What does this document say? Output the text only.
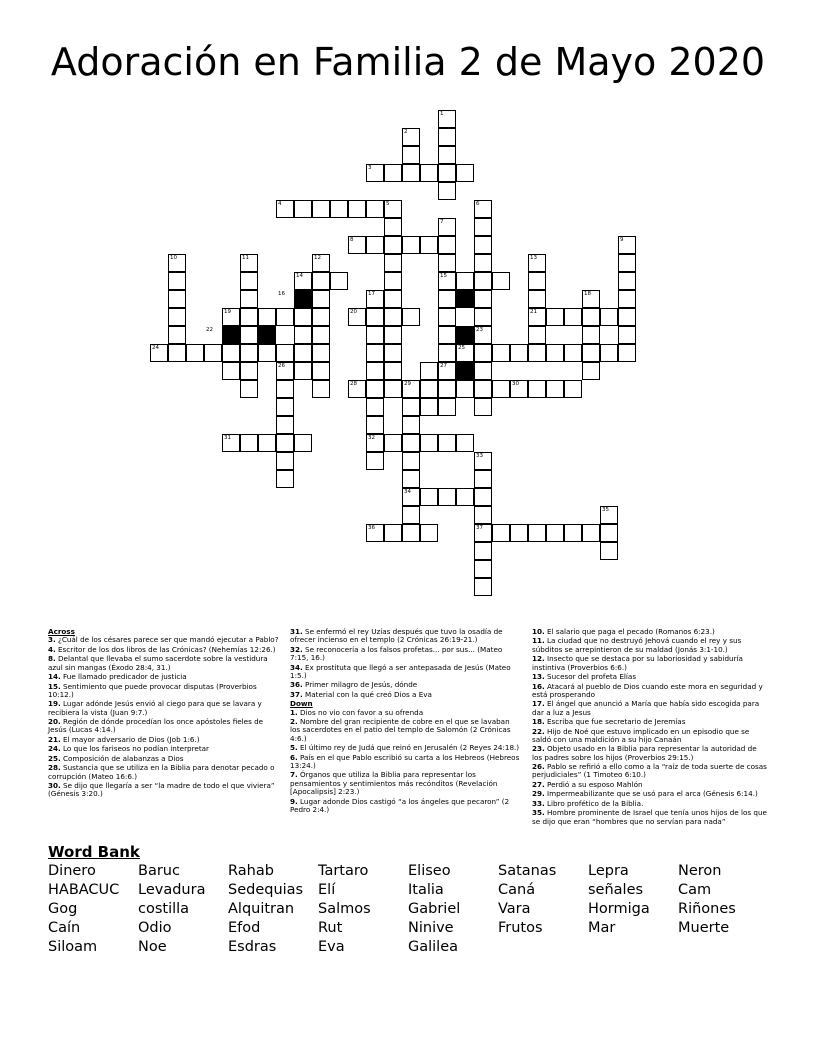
Adoración en Familia 2 de Mayo 2020
1
2
3
4	5	6
7
8	9
10	11	12	13
14	15
16	17	18
19	20	21
22	23
24	25
26	27
28	29	30
31	32
33
34
35
36	37
Across
3. ¿Cuál de los césares parece ser que mandó ejecutar a Pablo?
4. Escritor de los dos libros de las Crónicas? (Nehemías 12:26.)
8. Delantal que llevaba el sumo sacerdote sobre la vestidura azul sin mangas (Éxodo 28:4, 31.)
14. Fue llamado predicador de justicia
15. Sentimiento que puede provocar disputas (Proverbios 10:12.)
19. Lugar adónde Jesús envió al ciego para que se lavara y recibiera la vista (Juan 9:7.)
20. Región de dónde procedían los once apóstoles fieles de Jesús (Lucas 4:14.)
21. El mayor adversario de Dios (Job 1:6.)
24. Lo que los fariseos no podían interpretar
25. Composición de alabanzas a Dios
28. Sustancia que se utiliza en la Biblia para denotar pecado o corrupción (Mateo 16:6.)
30. Se dijo que llegaría a ser “la madre de todo el que viviera” (Génesis 3:20.)
31. Se enfermó el rey Uzías después que tuvo la osadía de ofrecer incienso en el templo (2 Crónicas 26:19-21.)
32. Se reconocería a los falsos profetas... por sus... (Mateo 7:15, 16.)
34. Ex prostituta que llegó a ser antepasada de Jesús (Mateo 1:5.)
36. Primer milagro de Jesús, dónde
37. Material con la qué creó Dios a Eva
Down
1. Dios no vio con favor a su ofrenda
2. Nombre del gran recipiente de cobre en el que se lavaban los sacerdotes en el patio del templo de Salomón (2 Crónicas 4:6.)
5. El último rey de Judá que reinó en Jerusalén (2 Reyes 24:18.)
6. País en el que Pablo escribió su carta a los Hebreos (Hebreos 13:24.)
7. Órganos que utiliza la Biblia para representar los pensamientos y sentimientos más recónditos (Revelación [Apocalipsis] 2:23.)
9. Lugar adonde Dios castigó “a los ángeles que pecaron” (2 Pedro 2:4.)
10. El salario que paga el pecado (Romanos 6:23.)
11. La ciudad que no destruyó Jehová cuando el rey y sus súbditos se arrepintieron de su maldad (Jonás 3:1-10.)
12. Insecto que se destaca por su laboriosidad y sabiduría instintiva (Proverbios 6:6.)
13. Sucesor del profeta Elías
16. Atacará al pueblo de Dios cuando este mora en seguridad y está prosperando
17. El ángel que anunció a María que había sido escogida para dar a luz a Jesus
18. Escriba que fue secretario de Jeremías
22. Hijo de Noé que estuvo implicado en un episodio que se saldó con una maldición a su hijo Canaán
23. Objeto usado en la Biblia para representar la autoridad de los padres sobre los hijos (Proverbios 29:15.)
26. Pablo se refirió a ello como a la “raíz de toda suerte de cosas perjudiciales” (1 Timoteo 6:10.)
27. Perdió a su esposo Mahlón
29. Impermeabilizante que se usó para el arca (Génesis 6:14.)
33. Libro profético de la Biblia.
35. Hombre prominente de Israel que tenía unos hijos de los que se dijo que eran “hombres que no servían para nada”
Word Bank
Dinero
HABACUC
Gog
Caín
Siloam
Baruc
Levadura
costilla
Odio
Noe
Rahab
Sedequias
Alquitran
Efod
Esdras
Tartaro
Elí
Salmos
Rut
Eva
Eliseo
Italia
Gabriel
Ninive
Galilea
Satanas
Caná
Vara
Frutos
Lepra
señales
Hormiga
Mar
Neron
Cam
Riñones
Muerte
